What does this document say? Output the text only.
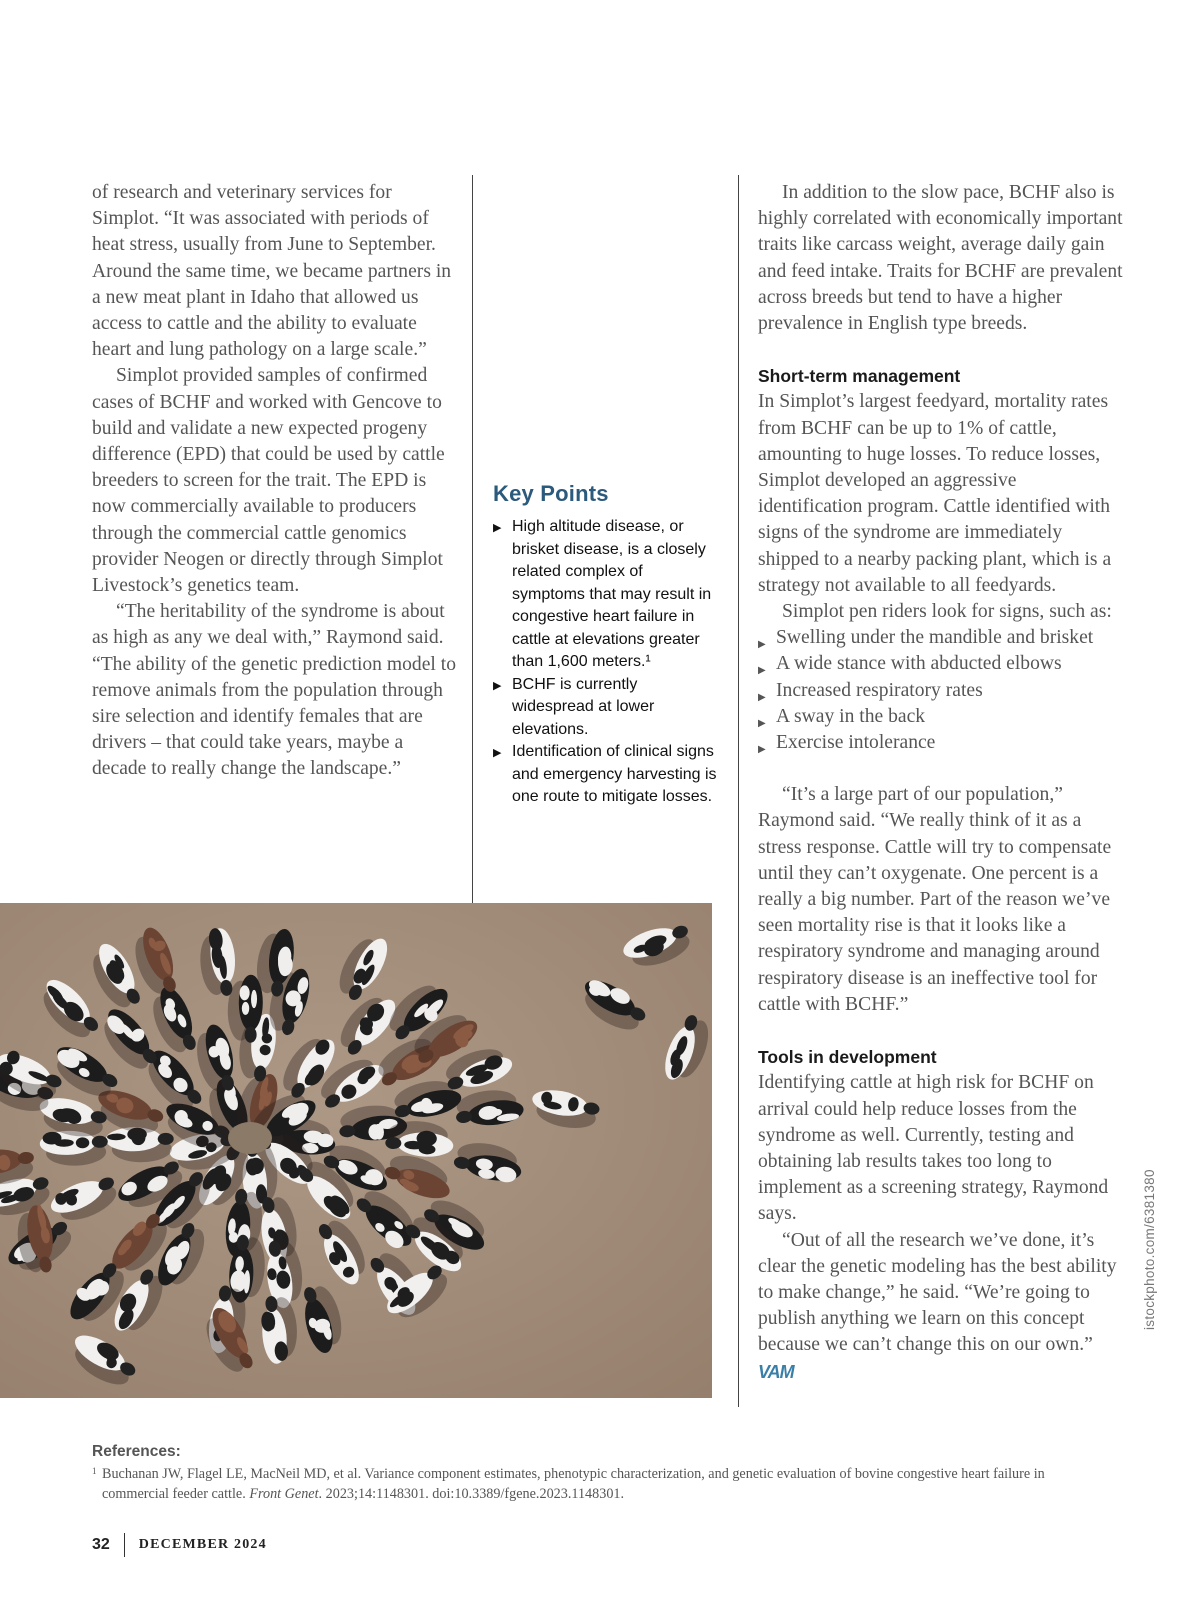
of research and veterinary services for Simplot. “It was associated with periods of heat stress, usually from June to September. Around the same time, we became partners in a new meat plant in Idaho that allowed us access to cattle and the ability to evaluate heart and lung pathology on a large scale.”

Simplot provided samples of confirmed cases of BCHF and worked with Gencove to build and validate a new expected progeny difference (EPD) that could be used by cattle breeders to screen for the trait. The EPD is now commercially available to producers through the commercial cattle genomics provider Neogen or directly through Simplot Livestock’s genetics team.

“The heritability of the syndrome is about as high as any we deal with,” Raymond said. “The ability of the genetic prediction model to remove animals from the population through sire selection and identify females that are drivers – that could take years, maybe a decade to really change the landscape.”

Key Points
▶ High altitude disease, or brisket disease, is a closely related complex of symptoms that may result in congestive heart failure in cattle at elevations greater than 1,600 meters.¹
▶ BCHF is currently widespread at lower elevations.
▶ Identification of clinical signs and emergency harvesting is one route to mitigate losses.

In addition to the slow pace, BCHF also is highly correlated with economically important traits like carcass weight, average daily gain and feed intake. Traits for BCHF are prevalent across breeds but tend to have a higher prevalence in English type breeds.

Short-term management

In Simplot’s largest feedyard, mortality rates from BCHF can be up to 1% of cattle, amounting to huge losses. To reduce losses, Simplot developed an aggressive identification program. Cattle identified with signs of the syndrome are immediately shipped to a nearby packing plant, which is a strategy not available to all feedyards.

Simplot pen riders look for signs, such as:

▶ Swelling under the mandible and brisket
▶ A wide stance with abducted elbows
▶ Increased respiratory rates
▶ A sway in the back
▶ Exercise intolerance

“It’s a large part of our population,” Raymond said. “We really think of it as a stress response. Cattle will try to compensate until they can’t oxygenate. One percent is a really a big number. Part of the reason we’ve seen mortality rise is that it looks like a respiratory syndrome and managing around respiratory disease is an ineffective tool for cattle with BCHF.”

Tools in development

Identifying cattle at high risk for BCHF on arrival could help reduce losses from the syndrome as well. Currently, testing and obtaining lab results takes too long to implement as a screening strategy, Raymond says.

“Out of all the research we’ve done, it’s clear the genetic modeling has the best ability to make change,” he said. “We’re going to publish anything we learn on this concept because we can’t change this on our own.” VAM

istockphoto.com/6381380
References:
1 Buchanan JW, Flagel LE, MacNeil MD, et al. Variance component estimates, phenotypic characterization, and genetic evaluation of bovine congestive heart failure in commercial feeder cattle. Front Genet. 2023;14:1148301. doi:10.3389/fgene.2023.1148301.
32 DECEMBER 2024
